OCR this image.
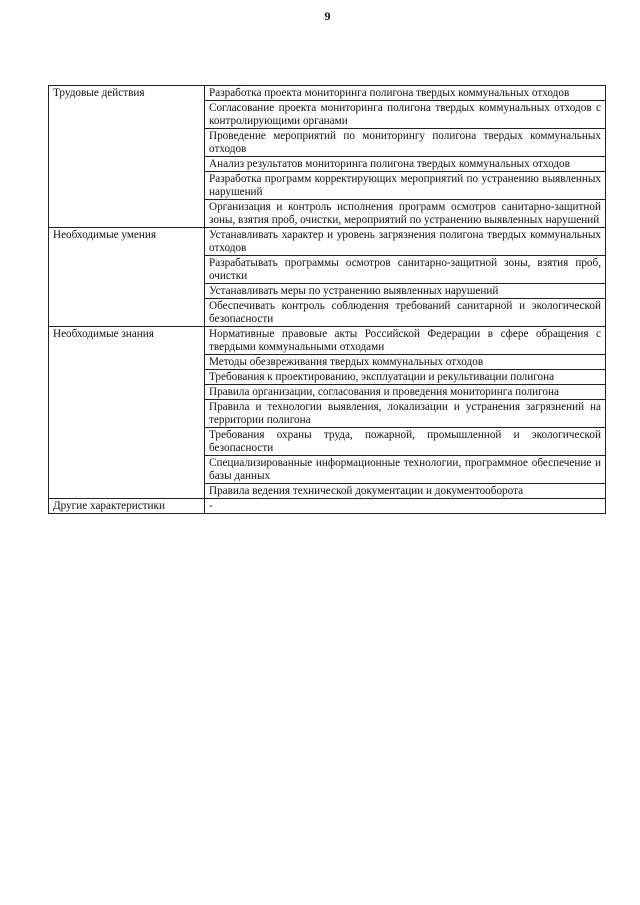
9
Трудовые действия	Разработка проекта мониторинга полигона твердых коммунальных отходов
	Согласование проекта мониторинга полигона твердых коммунальных отходов с контролирующими органами
	Проведение мероприятий по мониторингу полигона твердых коммунальных отходов
	Анализ результатов мониторинга полигона твердых коммунальных отходов
	Разработка программ корректирующих мероприятий по устранению выявленных нарушений
	Организация и контроль исполнения программ осмотров санитарно-защитной зоны, взятия проб, очистки, мероприятий по устранению выявленных нарушений
Необходимые умения	Устанавливать характер и уровень загрязнения полигона твердых коммунальных отходов
	Разрабатывать программы осмотров санитарно-защитной зоны, взятия проб, очистки
	Устанавливать меры по устранению выявленных нарушений
	Обеспечивать контроль соблюдения требований санитарной и экологической безопасности
Необходимые знания	Нормативные правовые акты Российской Федерации в сфере обращения с твердыми коммунальными отходами
	Методы обезвреживания твердых коммунальных отходов
	Требования к проектированию, эксплуатации и рекультивации полигона
	Правила организации, согласования и проведения мониторинга полигона
	Правила и технологии выявления, локализации и устранения загрязнений на территории полигона
	Требования охраны труда, пожарной, промышленной и экологической безопасности
	Специализированные информационные технологии, программное обеспечение и базы данных
	Правила ведения технической документации и документооборота
Другие характеристики	-
